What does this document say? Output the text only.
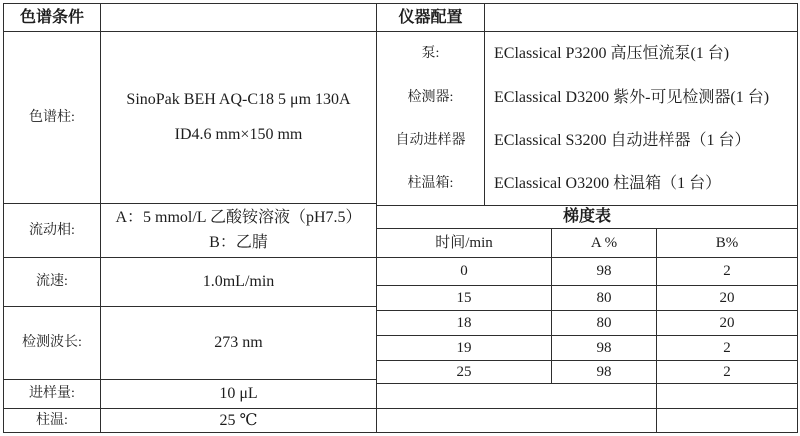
色谱条件
色谱柱:
SinoPak BEH AQ-C18 5 μm 130A
ID4.6 mm×150 mm
流动相:
A：5 mmol/L 乙酸铵溶液（pH7.5）
B：乙腈
流速:	1.0mL/min
检测波长:	273 nm
进样量:	10 μL
柱温:	25 ℃
仪器配置
泵:	EClassical P3200 高压恒流泵(1 台)
检测器:	EClassical D3200 紫外-可见检测器(1 台)
自动进样器	EClassical S3200 自动进样器（1 台）
柱温箱:	EClassical O3200 柱温箱（1 台）
梯度表
时间/min	A %	B%
0	98	2
15	80	20
18	80	20
19	98	2
25	98	2
